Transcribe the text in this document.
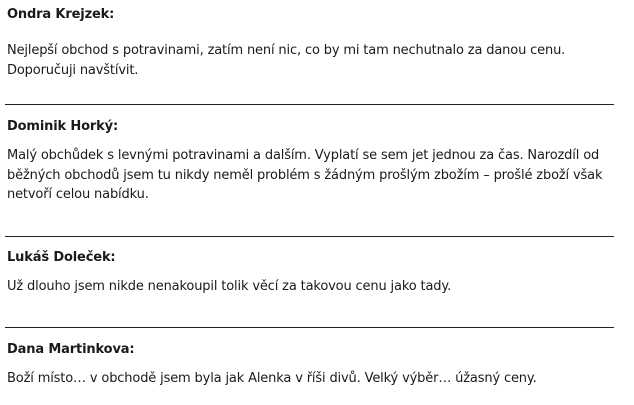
Ondra Krejzek:

Nejlepší obchod s potravinami, zatím není nic, co by mi tam nechutnalo za danou cenu. Doporučuji navštívit.

Dominik Horký:

Malý obchůdek s levnými potravinami a dalším. Vyplatí se sem jet jednou za čas. Narozdíl od běžných obchodů jsem tu nikdy neměl problém s žádným prošlým zbožím – prošlé zboží však netvoří celou nabídku.

Lukáš Doleček:

Už dlouho jsem nikde nenakoupil tolik věcí za takovou cenu jako tady.

Dana Martinkova:

Boží místo… v obchodě jsem byla jak Alenka v říši divů. Velký výběr… úžasný ceny.
